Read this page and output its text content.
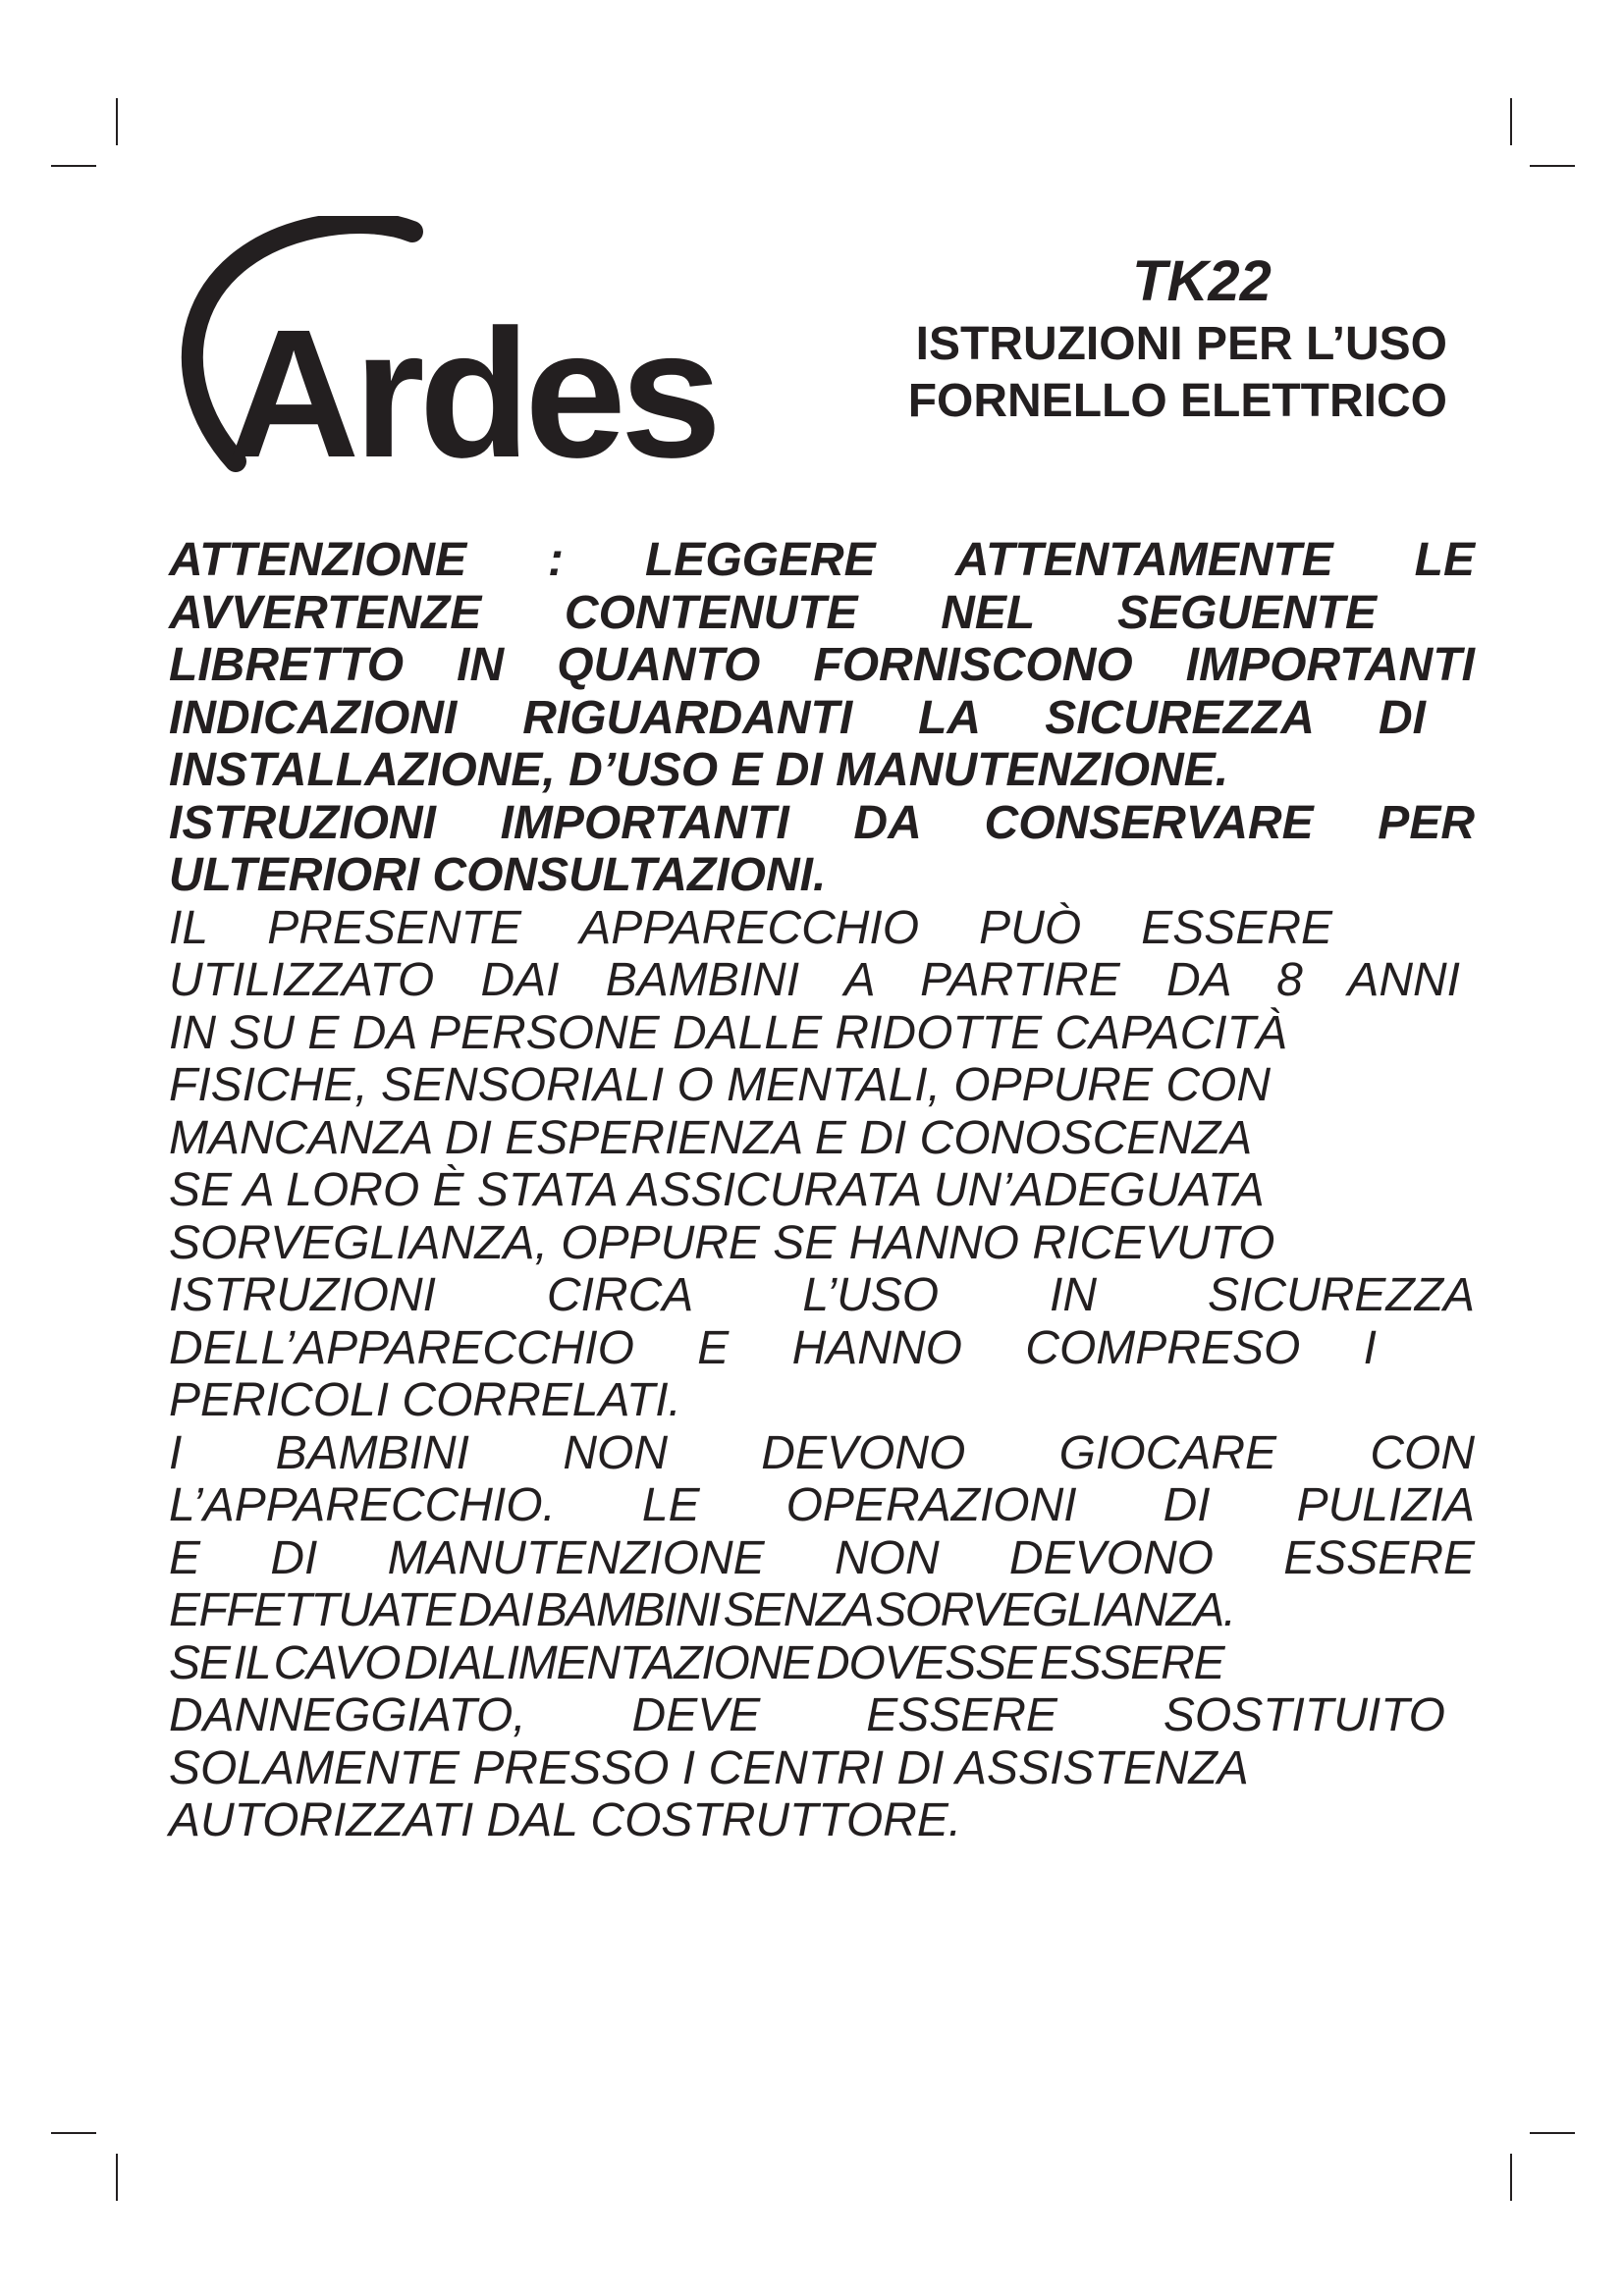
Ardes
TK22
ISTRUZIONI PER L’USO
FORNELLO ELETTRICO
ATTENZIONE : LEGGERE ATTENTAMENTE LE
AVVERTENZE CONTENUTE NEL SEGUENTE
LIBRETTO IN QUANTO FORNISCONO IMPORTANTI
INDICAZIONI RIGUARDANTI LA SICUREZZA DI
INSTALLAZIONE, D’USO E DI MANUTENZIONE.
ISTRUZIONI IMPORTANTI DA CONSERVARE PER
ULTERIORI CONSULTAZIONI.
IL PRESENTE APPARECCHIO PUÒ ESSERE
UTILIZZATO DAI BAMBINI A PARTIRE DA 8 ANNI
IN SU E DA PERSONE DALLE RIDOTTE CAPACITÀ
FISICHE, SENSORIALI O MENTALI, OPPURE CON
MANCANZA DI ESPERIENZA E DI CONOSCENZA
SE A LORO È STATA ASSICURATA UN’ADEGUATA
SORVEGLIANZA, OPPURE SE HANNO RICEVUTO
ISTRUZIONI CIRCA L’USO IN SICUREZZA
DELL’APPARECCHIO E HANNO COMPRESO I
PERICOLI CORRELATI.
I BAMBINI NON DEVONO GIOCARE CON
L’APPARECCHIO. LE OPERAZIONI DI PULIZIA
E DI MANUTENZIONE NON DEVONO ESSERE
EFFETTUATE DAI BAMBINI SENZA SORVEGLIANZA.
SE IL CAVO DI ALIMENTAZIONE DOVESSE ESSERE
DANNEGGIATO, DEVE ESSERE SOSTITUITO
SOLAMENTE PRESSO I CENTRI DI ASSISTENZA
AUTORIZZATI DAL COSTRUTTORE.
